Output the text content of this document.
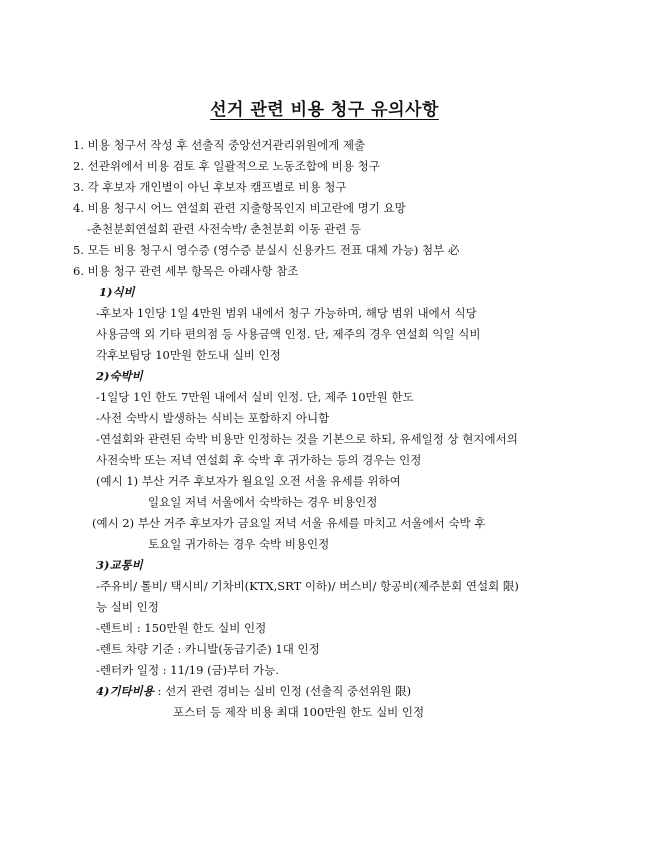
선거 관련 비용 청구 유의사항
1. 비용 청구서 작성 후 선출직 중앙선거관리위원에게 제출
2. 선관위에서 비용 검토 후 일괄적으로 노동조합에 비용 청구
3. 각 후보자 개인별이 아닌 후보자 캠프별로 비용 청구
4. 비용 청구시 어느 연설회 관련 지출항목인지 비고란에 명기 요망
-춘천분회연설회 관련 사전숙박/ 춘천분회 이동 관련 등
5. 모든 비용 청구시 영수증 (영수증 분실시 신용카드 전표 대체 가능) 첨부 必
6. 비용 청구 관련 세부 항목은 아래사항 참조
1)식비
-후보자 1인당 1일 4만원 범위 내에서 청구 가능하며, 해당 범위 내에서 식당
사용금액 외 기타 편의점 등 사용금액 인정. 단, 제주의 경우 연설회 익일 식비
각후보팀당 10만원 한도내 실비 인정
2)숙박비
-1일당 1인 한도 7만원 내에서 실비 인정. 단, 제주 10만원 한도
-사전 숙박시 발생하는 식비는 포함하지 아니함
-연설회와 관련된 숙박 비용만 인정하는 것을 기본으로 하되, 유세일정 상 현지에서의
사전숙박 또는 저녁 연설회 후 숙박 후 귀가하는 등의 경우는 인정
(예시 1) 부산 거주 후보자가 월요일 오전 서울 유세를 위하여
일요일 저녁 서울에서 숙박하는 경우 비용인정
(예시 2) 부산 거주 후보자가 금요일 저녁 서울 유세를 마치고 서울에서 숙박 후
토요일 귀가하는 경우 숙박 비용인정
3)교통비
-주유비/ 톨비/ 택시비/ 기차비(KTX,SRT 이하)/ 버스비/ 항공비(제주분회 연설회 限)
능 실비 인정
-렌트비 : 150만원 한도 실비 인정
-렌트 차량 기준 : 카니발(동급기준) 1대 인정
-렌터카 일정 : 11/19 (금)부터 가능.
4)기타비용 : 선거 관련 경비는 실비 인정 (선출직 중선위원 限)
포스터 등 제작 비용 최대 100만원 한도 실비 인정
